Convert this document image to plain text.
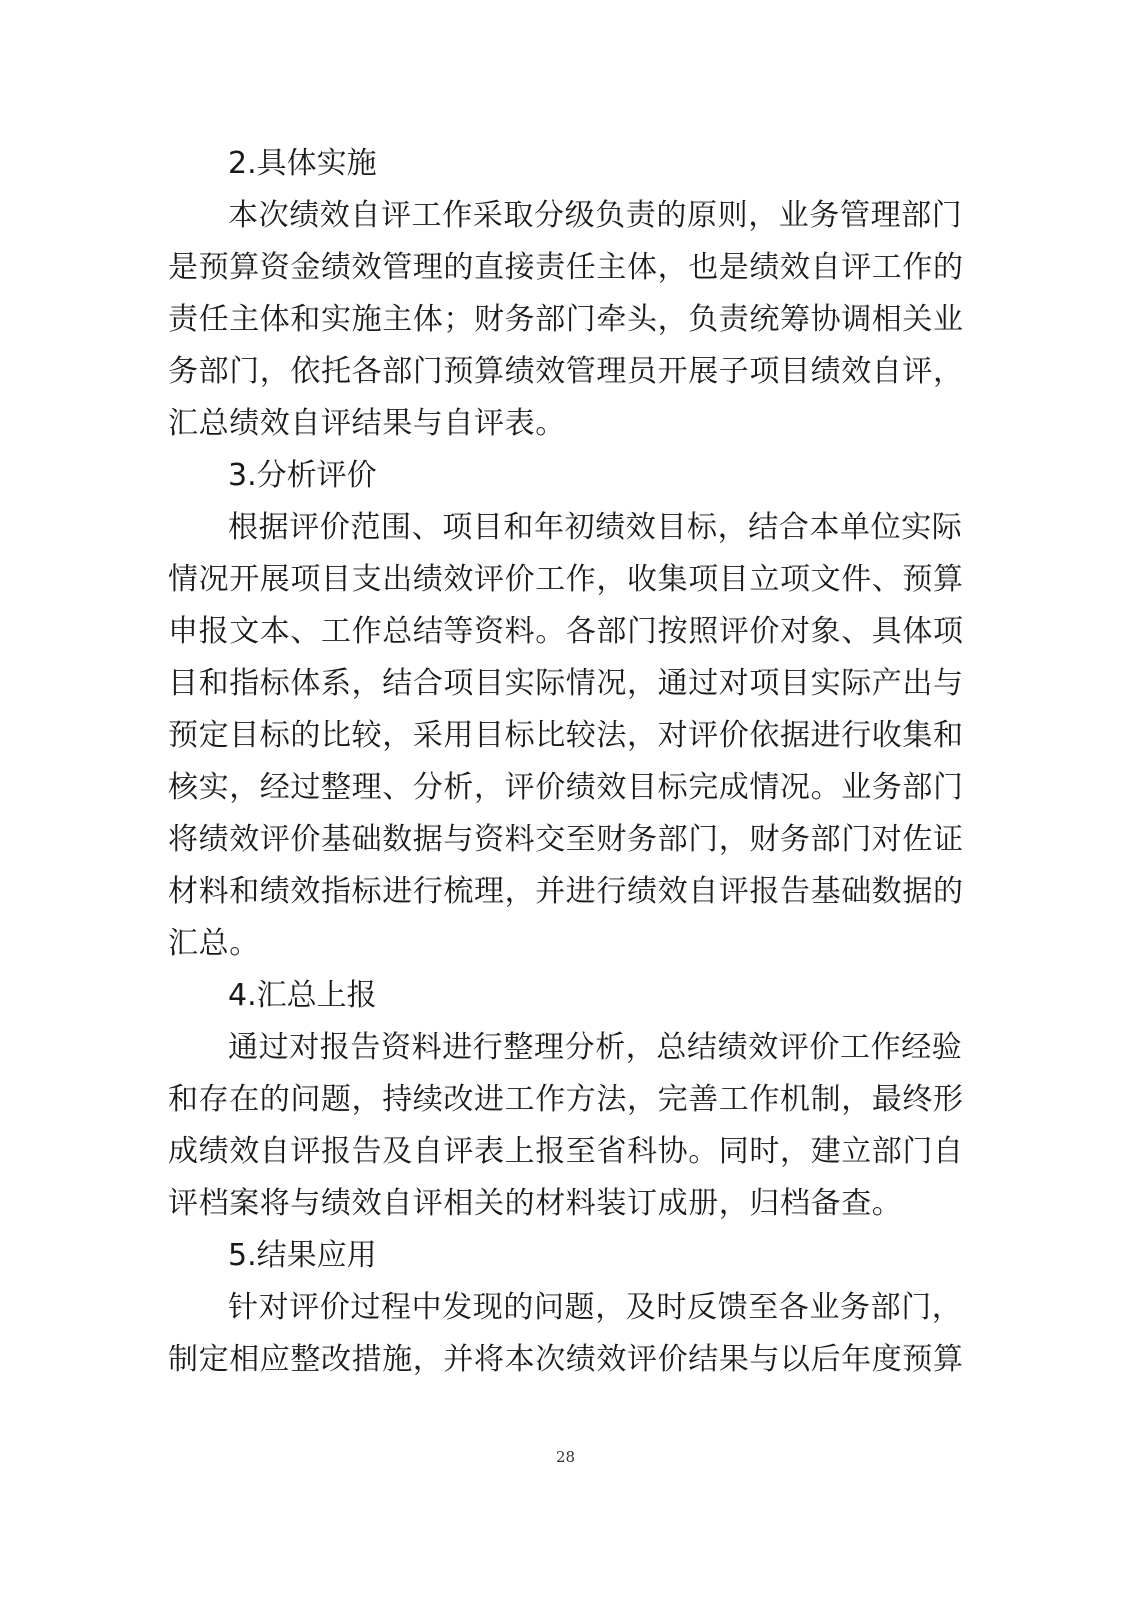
2.具体实施
本次绩效自评工作采取分级负责的原则，业务管理部门
是预算资金绩效管理的直接责任主体，也是绩效自评工作的
责任主体和实施主体；财务部门牵头，负责统筹协调相关业
务部门，依托各部门预算绩效管理员开展子项目绩效自评，
汇总绩效自评结果与自评表。
3.分析评价
根据评价范围、项目和年初绩效目标，结合本单位实际
情况开展项目支出绩效评价工作，收集项目立项文件、预算
申报文本、工作总结等资料。各部门按照评价对象、具体项
目和指标体系，结合项目实际情况，通过对项目实际产出与
预定目标的比较，采用目标比较法，对评价依据进行收集和
核实，经过整理、分析，评价绩效目标完成情况。业务部门
将绩效评价基础数据与资料交至财务部门，财务部门对佐证
材料和绩效指标进行梳理，并进行绩效自评报告基础数据的
汇总。
4.汇总上报
通过对报告资料进行整理分析，总结绩效评价工作经验
和存在的问题，持续改进工作方法，完善工作机制，最终形
成绩效自评报告及自评表上报至省科协。同时，建立部门自
评档案将与绩效自评相关的材料装订成册，归档备查。
5.结果应用
针对评价过程中发现的问题，及时反馈至各业务部门，
制定相应整改措施，并将本次绩效评价结果与以后年度预算
28
